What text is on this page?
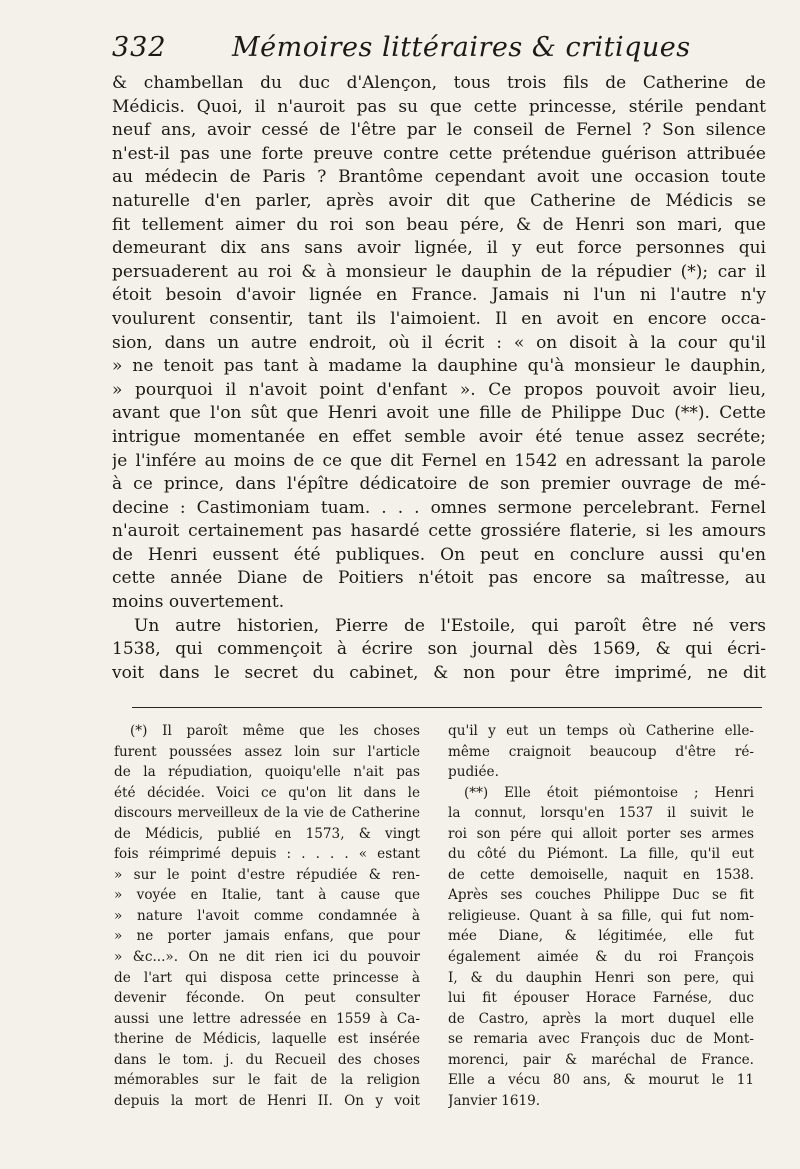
332 Mémoires littéraires & critiques
& chambellan du duc d'Alençon, tous trois fils de Catherine de
Médicis. Quoi, il n'auroit pas su que cette princesse, stérile pendant
neuf ans, avoir cessé de l'être par le conseil de Fernel ? Son silence
n'est-il pas une forte preuve contre cette prétendue guérison attribuée
au médecin de Paris ? Brantôme cependant avoit une occasion toute
naturelle d'en parler, après avoir dit que Catherine de Médicis se
fit tellement aimer du roi son beau pére, & de Henri son mari, que
demeurant dix ans sans avoir lignée, il y eut force personnes qui
persuaderent au roi & à monsieur le dauphin de la répudier (*); car il
étoit besoin d'avoir lignée en France. Jamais ni l'un ni l'autre n'y
voulurent consentir, tant ils l'aimoient. Il en avoit en encore occa-
sion, dans un autre endroit, où il écrit : « on disoit à la cour qu'il
» ne tenoit pas tant à madame la dauphine qu'à monsieur le dauphin,
» pourquoi il n'avoit point d'enfant ». Ce propos pouvoit avoir lieu,
avant que l'on sût que Henri avoit une fille de Philippe Duc (**). Cette
intrigue momentanée en effet semble avoir été tenue assez secréte;
je l'infére au moins de ce que dit Fernel en 1542 en adressant la parole
à ce prince, dans l'épître dédicatoire de son premier ouvrage de mé-
decine : Castimoniam tuam. . . . omnes sermone percelebrant. Fernel
n'auroit certainement pas hasardé cette grossiére flaterie, si les amours
de Henri eussent été publiques. On peut en conclure aussi qu'en
cette année Diane de Poitiers n'étoit pas encore sa maîtresse, au
moins ouvertement.
Un autre historien, Pierre de l'Estoile, qui paroît être né vers
1538, qui commençoit à écrire son journal dès 1569, & qui écri-
voit dans le secret du cabinet, & non pour être imprimé, ne dit
(*) Il paroît même que les choses
furent poussées assez loin sur l'article
de la répudiation, quoiqu'elle n'ait pas
été décidée. Voici ce qu'on lit dans le
discours merveilleux de la vie de Catherine
de Médicis, publié en 1573, & vingt
fois réimprimé depuis : . . . . « estant
» sur le point d'estre répudiée & ren-
» voyée en Italie, tant à cause que
» nature l'avoit comme condamnée à
» ne porter jamais enfans, que pour
» &c...». On ne dit rien ici du pouvoir
de l'art qui disposa cette princesse à
devenir féconde. On peut consulter
aussi une lettre adressée en 1559 à Ca-
therine de Médicis, laquelle est insérée
dans le tom. j. du Recueil des choses
mémorables sur le fait de la religion
depuis la mort de Henri II. On y voit
qu'il y eut un temps où Catherine elle-
même craignoit beaucoup d'être ré-
pudiée.
(**) Elle étoit piémontoise ; Henri
la connut, lorsqu'en 1537 il suivit le
roi son pére qui alloit porter ses armes
du côté du Piémont. La fille, qu'il eut
de cette demoiselle, naquit en 1538.
Après ses couches Philippe Duc se fit
religieuse. Quant à sa fille, qui fut nom-
mée Diane, & légitimée, elle fut
également aimée & du roi François
I, & du dauphin Henri son pere, qui
lui fit épouser Horace Farnése, duc
de Castro, après la mort duquel elle
se remaria avec François duc de Mont-
morenci, pair & maréchal de France.
Elle a vécu 80 ans, & mourut le 11
Janvier 1619.
